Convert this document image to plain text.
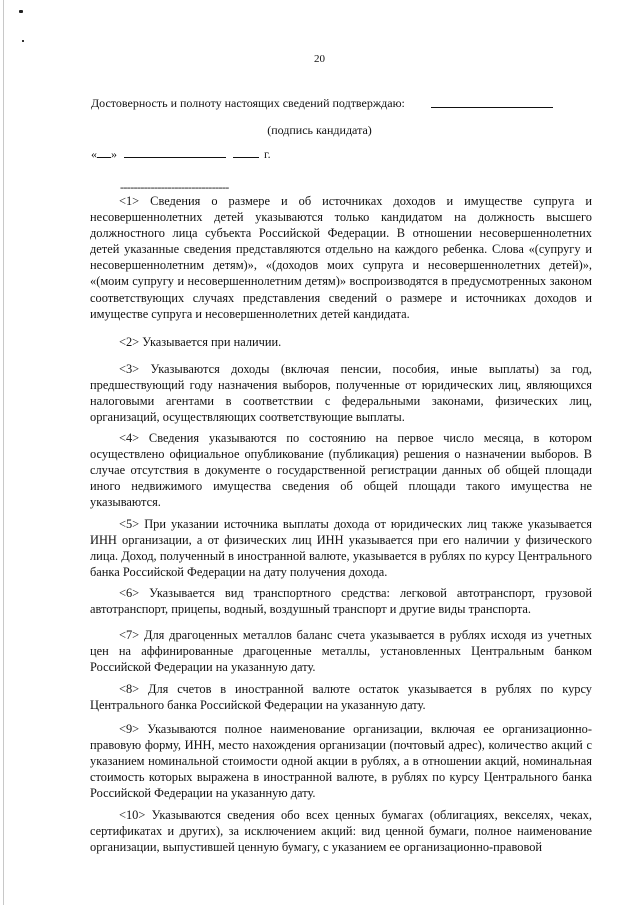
20
Достоверность и полноту настоящих сведений подтверждаю:
(подпись кандидата)
« »	г.
--------------------------------

<1> Сведения о размере и об источниках доходов и имуществе супруга и несовершеннолетних детей указываются только кандидатом на должность высшего должностного лица субъекта Российской Федерации. В отношении несовершеннолетних детей указанные сведения представляются отдельно на каждого ребенка. Слова «(супругу и несовершеннолетним детям)», «(доходов моих супруга и несовершеннолетних детей)», «(моим супругу и несовершеннолетним детям)» воспроизводятся в предусмотренных законом соответствующих случаях представления сведений о размере и источниках доходов и имуществе супруга и несовершеннолетних детей кандидата.

<2> Указывается при наличии.

<3> Указываются доходы (включая пенсии, пособия, иные выплаты) за год, предшествующий году назначения выборов, полученные от юридических лиц, являющихся налоговыми агентами в соответствии с федеральными законами, физических лиц, организаций, осуществляющих соответствующие выплаты.

<4> Сведения указываются по состоянию на первое число месяца, в котором осуществлено официальное опубликование (публикация) решения о назначении выборов. В случае отсутствия в документе о государственной регистрации данных об общей площади иного недвижимого имущества сведения об общей площади такого имущества не указываются.

<5> При указании источника выплаты дохода от юридических лиц также указывается ИНН организации, а от физических лиц ИНН указывается при его наличии у физического лица. Доход, полученный в иностранной валюте, указывается в рублях по курсу Центрального банка Российской Федерации на дату получения дохода.

<6> Указывается вид транспортного средства: легковой автотранспорт, грузовой автотранспорт, прицепы, водный, воздушный транспорт и другие виды транспорта.

<7> Для драгоценных металлов баланс счета указывается в рублях исходя из учетных цен на аффинированные драгоценные металлы, установленных Центральным банком Российской Федерации на указанную дату.

<8> Для счетов в иностранной валюте остаток указывается в рублях по курсу Центрального банка Российской Федерации на указанную дату.

<9> Указываются полное наименование организации, включая ее организационно-правовую форму, ИНН, место нахождения организации (почтовый адрес), количество акций с указанием номинальной стоимости одной акции в рублях, а в отношении акций, номинальная стоимость которых выражена в иностранной валюте, в рублях по курсу Центрального банка Российской Федерации на указанную дату.

<10> Указываются сведения обо всех ценных бумагах (облигациях, векселях, чеках, сертификатах и других), за исключением акций: вид ценной бумаги, полное наименование организации, выпустившей ценную бумагу, с указанием ее организационно-правовой
